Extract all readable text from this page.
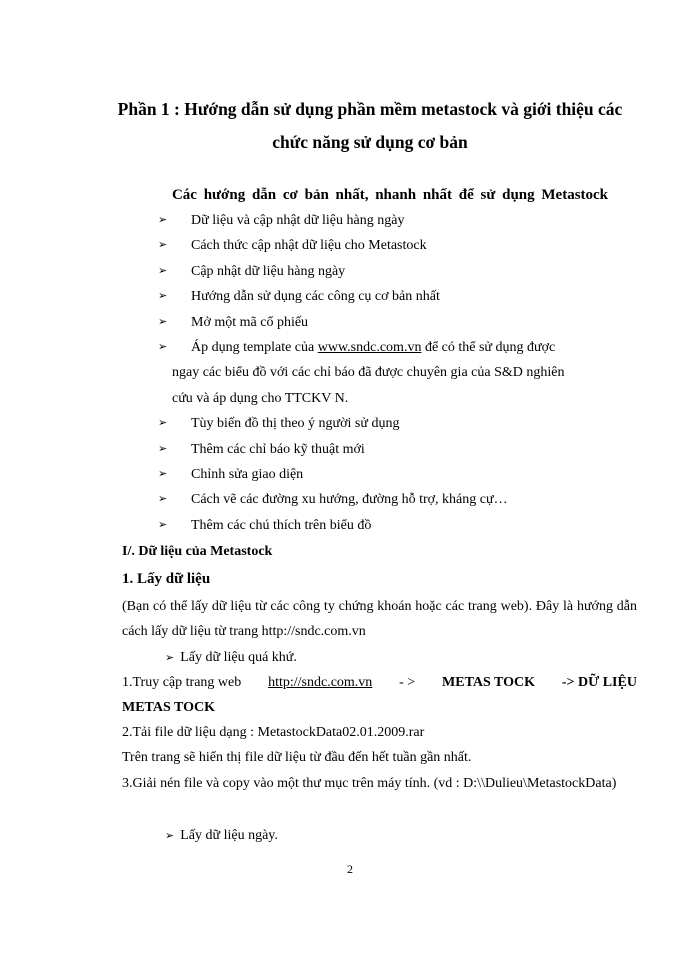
Phần 1 : Hướng dẫn sử dụng phần mềm metastock và giới thiệu các
chức năng sử dụng cơ bản
Các hướng dẫn cơ bản nhất, nhanh nhất để sử dụng Metastock
➢ Dữ liệu và cập nhật dữ liệu hàng ngày
➢ Cách thức cập nhật dữ liệu cho Metastock
➢ Cập nhật dữ liệu hàng ngày
➢ Hướng dẫn sử dụng các công cụ cơ bản nhất
➢ Mở một mã cổ phiếu
➢ Áp dụng template của www.sndc.com.vn để có thể sử dụng được
ngay các biểu đồ với các chỉ báo đã được chuyên gia của S&D nghiên
cứu và áp dụng cho TTCKV N.
➢ Tùy biến đồ thị theo ý người sử dụng
➢ Thêm các chỉ báo kỹ thuật mới
➢ Chỉnh sửa giao diện
➢ Cách vẽ các đường xu hướng, đường hỗ trợ, kháng cự…
➢ Thêm các chú thích trên biểu đồ
I/. Dữ liệu của Metastock
1. Lấy dữ liệu
(Bạn có thể lấy dữ liệu từ các công ty chứng khoán hoặc các trang web). Đây là hướng dẫn cách lấy dữ liệu từ trang http://sndc.com.vn
➢ Lấy dữ liệu quá khứ.
1.Truy cập trang web http://sndc.com.vn - > METAS TOCK -> DỮ LIỆU
METAS TOCK
2.Tải file dữ liệu dạng : MetastockData02.01.2009.rar
Trên trang sẽ hiển thị file dữ liệu từ đầu đến hết tuần gần nhất.
3.Giải nén file và copy vào một thư mục trên máy tính. (vd : D:\\Dulieu\MetastockData)
➢ Lấy dữ liệu ngày.
2
